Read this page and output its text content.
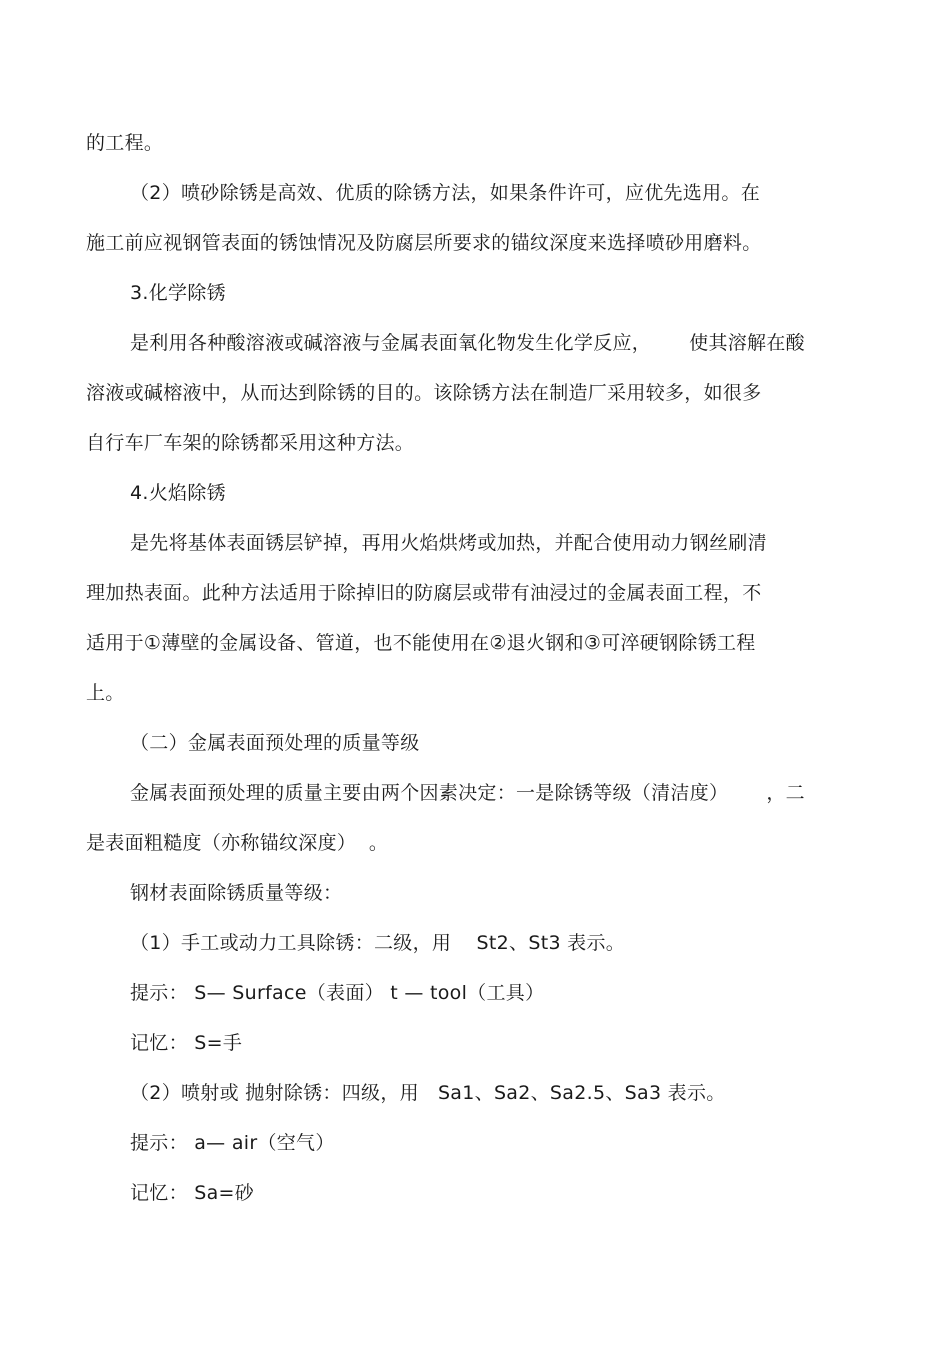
的工程。
（2）喷砂除锈是高效、优质的除锈方法，如果条件许可，应优先选用。在
施工前应视钢管表面的锈蚀情况及防腐层所要求的锚纹深度来选择喷砂用磨料。
3.化学除锈
是利用各种酸溶液或碱溶液与金属表面氧化物发生化学反应，      使其溶解在酸
溶液或碱榕液中，从而达到除锈的目的。该除锈方法在制造厂采用较多，如很多
自行车厂车架的除锈都采用这种方法。
4.火焰除锈
是先将基体表面锈层铲掉，再用火焰烘烤或加热，并配合使用动力钢丝刷清
理加热表面。此种方法适用于除掉旧的防腐层或带有油浸过的金属表面工程，不
适用于①薄壁的金属设备、管道，也不能使用在②退火钢和③可淬硬钢除锈工程
上。
（二）金属表面预处理的质量等级
金属表面预处理的质量主要由两个因素决定：一是除锈等级（清洁度）      ，二
是表面粗糙度（亦称锚纹深度）  。
钢材表面除锈质量等级：
（1）手工或动力工具除锈：二级，用    St2、St3 表示。
提示： S— Surface（表面） t — tool（工具）
记忆： S=手
（2）喷射或 抛射除锈：四级，用   Sa1、Sa2、Sa2.5、Sa3 表示。
提示： a— air（空气）
记忆： Sa=砂
